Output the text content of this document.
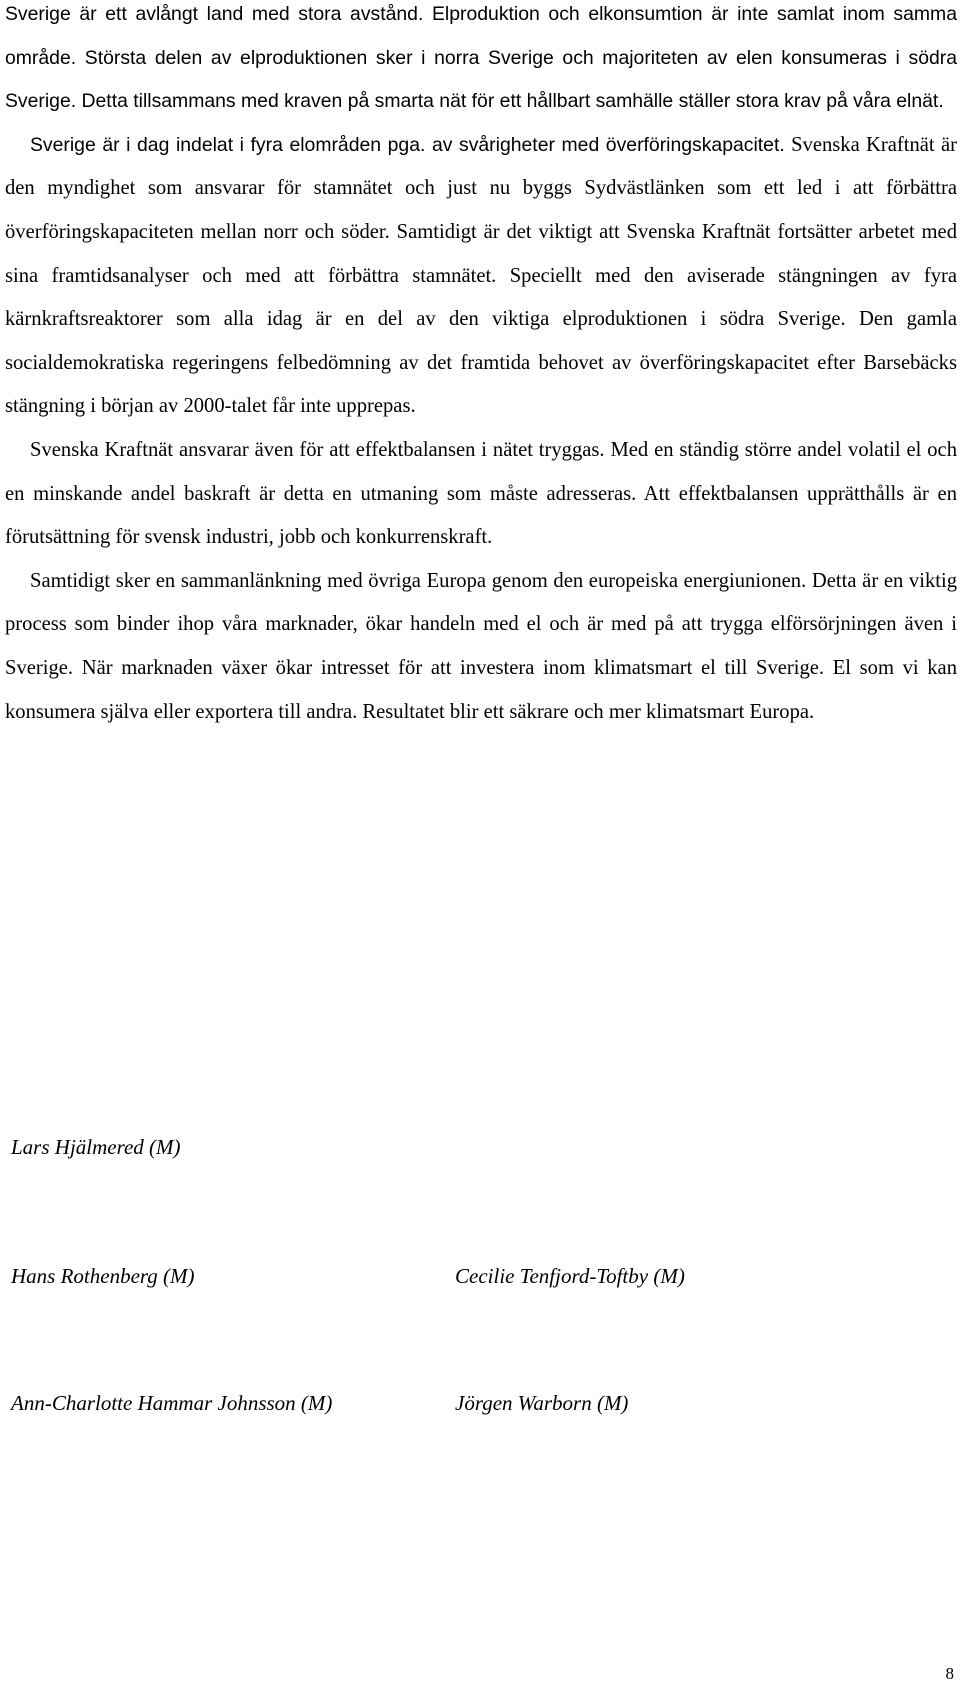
Sverige är ett avlångt land med stora avstånd. Elproduktion och elkonsumtion är inte samlat inom samma område. Största delen av elproduktionen sker i norra Sverige och majoriteten av elen konsumeras i södra Sverige. Detta tillsammans med kraven på smarta nät för ett hållbart samhälle ställer stora krav på våra elnät.

Sverige är i dag indelat i fyra elområden pga. av svårigheter med överföringskapacitet. Svenska Kraftnät är den myndighet som ansvarar för stamnätet och just nu byggs Sydvästlänken som ett led i att förbättra överföringskapaciteten mellan norr och söder. Samtidigt är det viktigt att Svenska Kraftnät fortsätter arbetet med sina framtidsanalyser och med att förbättra stamnätet. Speciellt med den aviserade stängningen av fyra kärnkraftsreaktorer som alla idag är en del av den viktiga elproduktionen i södra Sverige. Den gamla socialdemokratiska regeringens felbedömning av det framtida behovet av överföringskapacitet efter Barsebäcks stängning i början av 2000-talet får inte upprepas.

Svenska Kraftnät ansvarar även för att effektbalansen i nätet tryggas. Med en ständig större andel volatil el och en minskande andel baskraft är detta en utmaning som måste adresseras. Att effektbalansen upprätthålls är en förutsättning för svensk industri, jobb och konkurrenskraft.

Samtidigt sker en sammanlänkning med övriga Europa genom den europeiska energiunionen. Detta är en viktig process som binder ihop våra marknader, ökar handeln med el och är med på att trygga elförsörjningen även i Sverige. När marknaden växer ökar intresset för att investera inom klimatsmart el till Sverige. El som vi kan konsumera själva eller exportera till andra. Resultatet blir ett säkrare och mer klimatsmart Europa.

Lars Hjälmered (M)
Hans Rothenberg (M)	Cecilie Tenfjord-Toftby (M)
Ann-Charlotte Hammar Johnsson (M)	Jörgen Warborn (M)
8
